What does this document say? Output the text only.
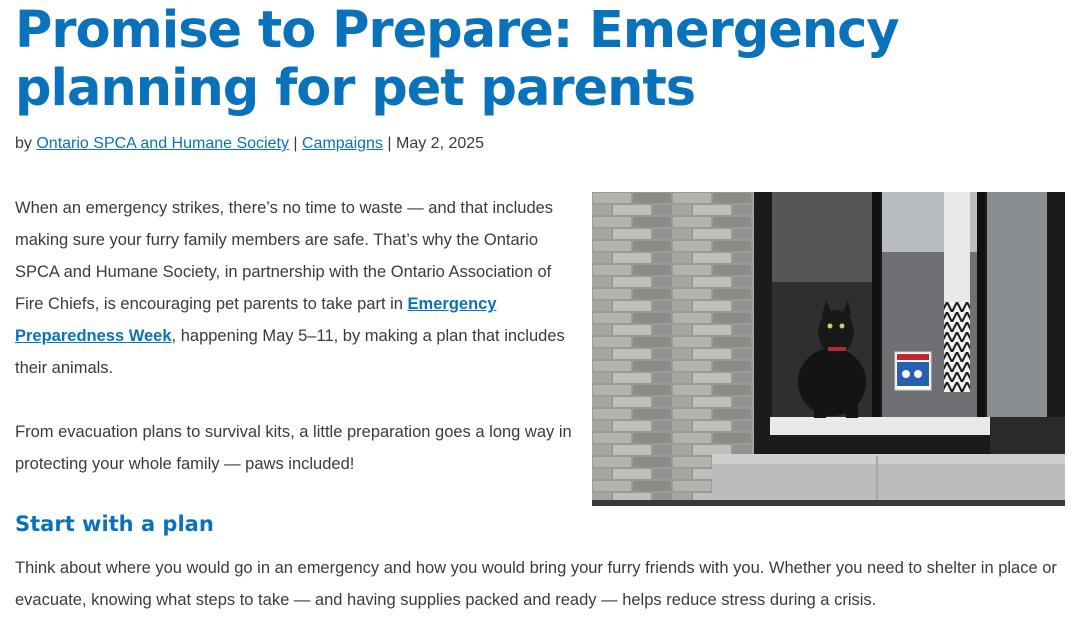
Promise to Prepare: Emergency planning for pet parents
by Ontario SPCA and Humane Society | Campaigns | May 2, 2025

When an emergency strikes, there’s no time to waste — and that includes making sure your furry family members are safe. That’s why the Ontario SPCA and Humane Society, in partnership with the Ontario Association of Fire Chiefs, is encouraging pet parents to take part in Emergency Preparedness Week, happening May 5–11, by making a plan that includes their animals.

From evacuation plans to survival kits, a little preparation goes a long way in protecting your whole family — paws included!

Start with a plan

Think about where you would go in an emergency and how you would bring your furry friends with you. Whether you need to shelter in place or evacuate, knowing what steps to take — and having supplies packed and ready — helps reduce stress during a crisis.
